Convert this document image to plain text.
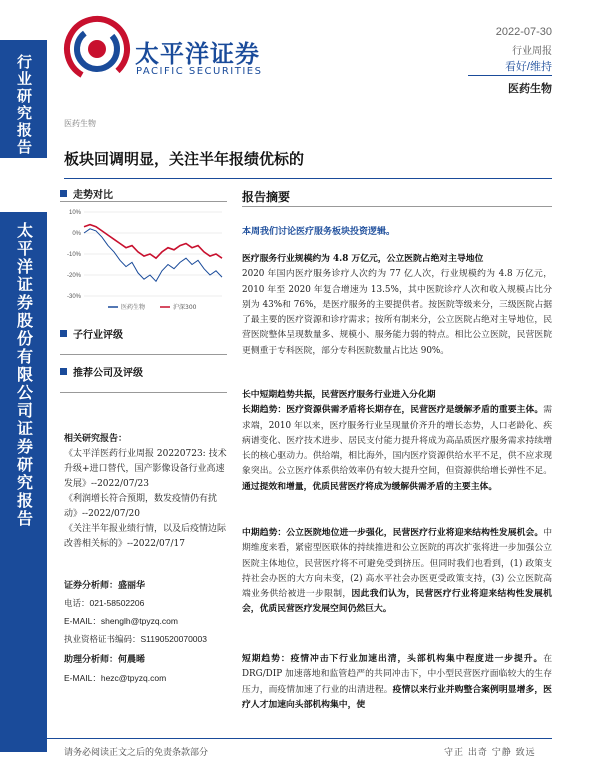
行业研究报告
太平洋证券股份有限公司证券研究报告
太平洋证券
PACIFIC SECURITIES
2022-07-30
行业周报
看好/维持
医药生物
医药生物
板块回调明显，关注半年报绩优标的
走势对比
10%
0%
-10%
-20%
-30%
医药生物	沪深300
子行业评级
推荐公司及评级
相关研究报告：
《太平洋医药行业周报 20220723: 技术升级+进口替代，国产影像设备行业高速发展》--2022/07/23
《利润增长符合预期，数发疫情仍有扰动》--2022/07/20
《关注半年报业绩行情，以及后疫情边际改善相关标的》--2022/07/17
证券分析师：盛丽华
电话：021-58502206
E-MAIL：shenglh@tpyzq.com
执业资格证书编码：S1190520070003
助理分析师：何晨晞
E-MAIL：hezc@tpyzq.com
报告摘要
本周我们讨论医疗服务板块投资逻辑。
医疗服务行业规模约为 4.8 万亿元，公立医院占绝对主导地位
2020 年国内医疗服务诊疗人次约为 77 亿人次，行业规模约为 4.8 万亿元，2010 年至 2020 年复合增速为 13.5%，其中医院诊疗人次和收入规模占比分别为 43%和 76%，是医疗服务的主要提供者。按医院等级来分，三级医院占据了最主要的医疗资源和诊疗需求；按所有制来分，公立医院占绝对主导地位，民营医院整体呈现数量多、规模小、服务能力弱的特点。相比公立医院，民营医院更侧重于专科医院，部分专科医院数量占比达 90%。
长中短期趋势共振，民营医疗服务行业进入分化期
长期趋势：医疗资源供需矛盾将长期存在，民营医疗是缓解矛盾的重要主体。需求端，2010 年以来，医疗服务行业呈现量价齐升的增长态势，人口老龄化、疾病谱变化、医疗技术进步、居民支付能力提升将成为高品质医疗服务需求持续增长的核心驱动力。供给端，相比海外，国内医疗资源供给水平不足，供不应求现象突出。公立医疗体系供给效率仍有较大提升空间，但资源供给增长弹性不足。通过提效和增量，优质民营医疗将成为缓解供需矛盾的主要主体。
中期趋势：公立医院地位进一步强化，民营医疗行业将迎来结构性发展机会。中期维度来看，紧密型医联体的持续推进和公立医院的再次扩张将进一步加强公立医院主体地位，民营医疗将不可避免受到挤压。但同时我们也看到，(1) 政策支持社会办医的大方向未变，(2) 高水平社会办医更受政策支持，(3) 公立医院高端业务供给被进一步限制，因此我们认为，民营医疗行业将迎来结构性发展机会，优质民营医疗发展空间仍然巨大。
短期趋势：疫情冲击下行业加速出清，头部机构集中程度进一步提升。在 DRG/DIP 加速落地和监管趋严的共同冲击下，中小型民营医疗面临较大的生存压力，而疫情加速了行业的出清进程。疫情以来行业并购整合案例明显增多，医疗人才加速向头部机构集中，使
请务必阅读正文之后的免责条款部分	守正 出奇 宁静 致远
